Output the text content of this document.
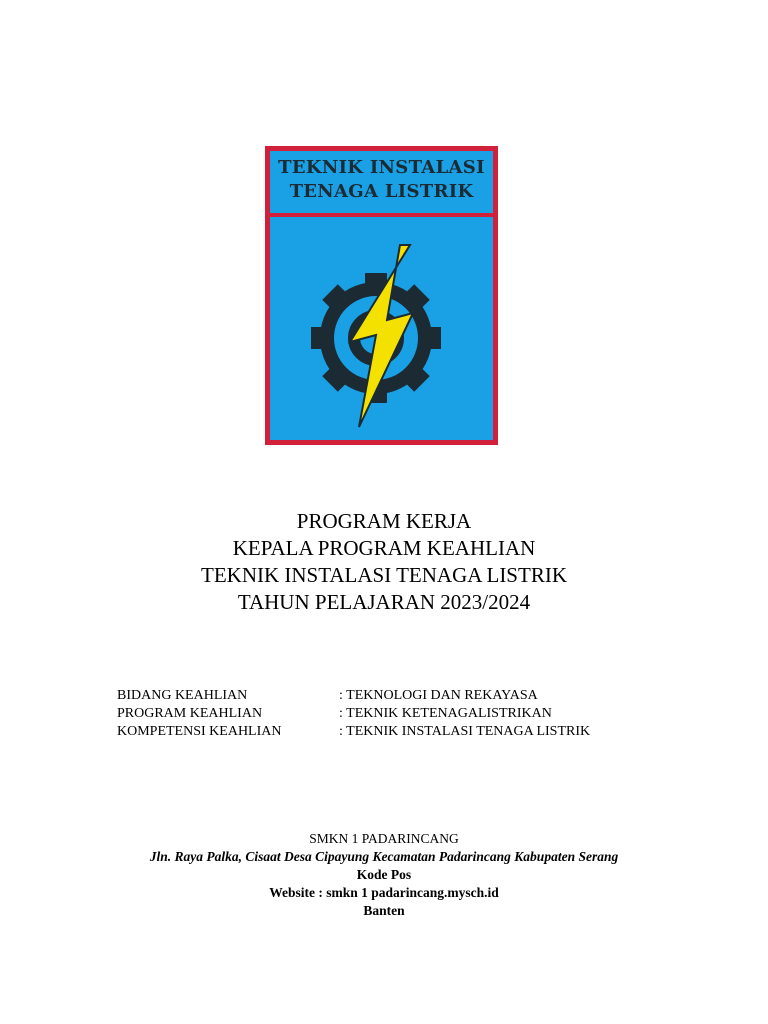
TEKNIK INSTALASI
TENAGA LISTRIK
PROGRAM KERJA
KEPALA PROGRAM KEAHLIAN
TEKNIK INSTALASI TENAGA LISTRIK
TAHUN PELAJARAN 2023/2024
BIDANG KEAHLIAN	: TEKNOLOGI DAN REKAYASA
PROGRAM KEAHLIAN	: TEKNIK KETENAGALISTRIKAN
KOMPETENSI KEAHLIAN	: TEKNIK INSTALASI TENAGA LISTRIK
SMKN 1 PADARINCANG
Jln. Raya Palka, Cisaat Desa Cipayung Kecamatan Padarincang Kabupaten Serang
Kode Pos
Website : smkn 1 padarincang.mysch.id
Banten
